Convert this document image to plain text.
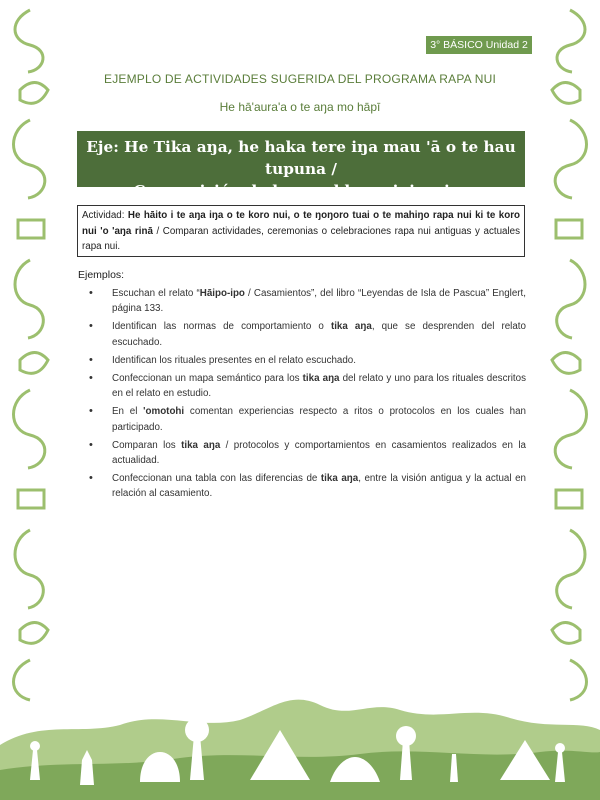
3° BÁSICO Unidad 2
EJEMPLO DE ACTIVIDADES SUGERIDA DEL PROGRAMA RAPA NUI
He hā'aura'a o te aŋa mo hāpī
Eje: He Tika aŋa, he haka tere iŋa mau 'ā o te hau tupuna /
Cosmovisión de los pueblos originarios
Actividad: He hāito i te aŋa iŋa o te koro nui, o te ŋoŋoro tuai o te mahiŋo rapa nui ki te koro nui 'o 'aŋa rinā / Comparan actividades, ceremonias o celebraciones rapa nui antiguas y actuales rapa nui.
Ejemplos:
• Escuchan el relato “Hāipo-ipo / Casamientos”, del libro “Leyendas de Isla de Pascua” Englert, página 133.
• Identifican las normas de comportamiento o tika aŋa, que se desprenden del relato escuchado.
• Identifican los rituales presentes en el relato escuchado.
• Confeccionan un mapa semántico para los tika aŋa del relato y uno para los rituales descritos en el relato en estudio.
• En el 'omotohi comentan experiencias respecto a ritos o protocolos en los cuales han participado.
• Comparan los tika aŋa / protocolos y comportamientos en casamientos realizados en la actualidad.
• Confeccionan una tabla con las diferencias de tika aŋa, entre la visión antigua y la actual en relación al casamiento.
